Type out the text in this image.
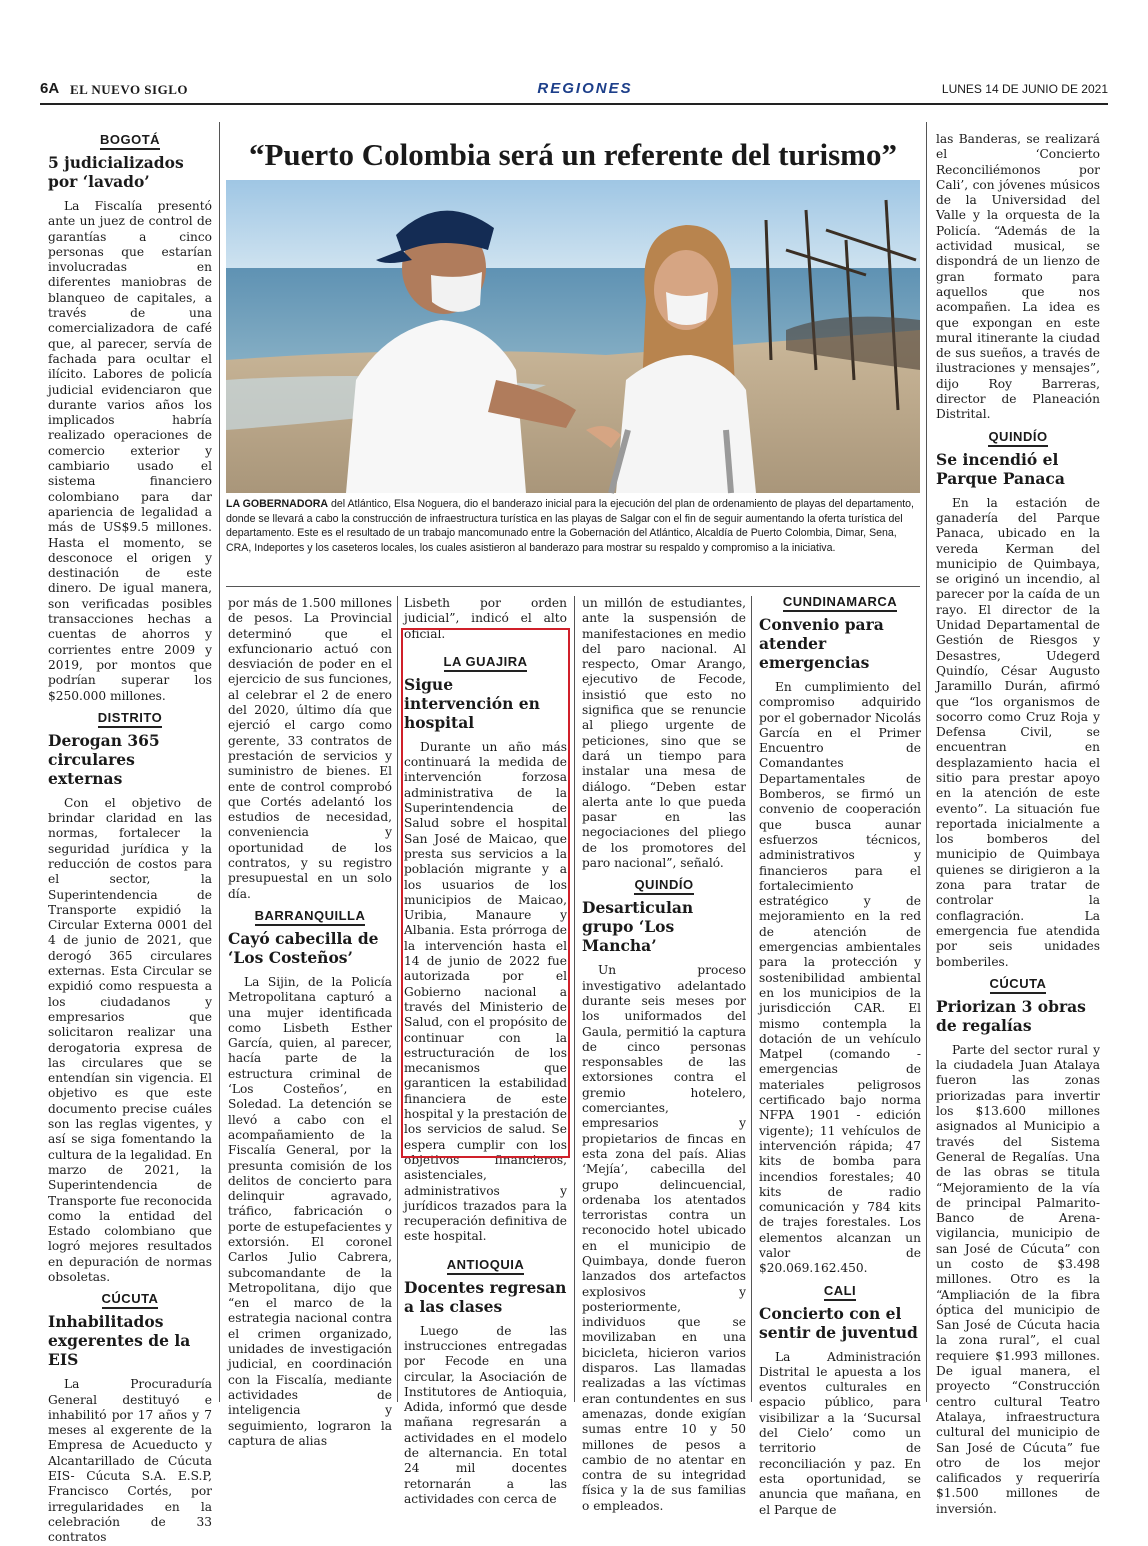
6A EL NUEVO SIGLO	REGIONES	LUNES 14 DE JUNIO DE 2021
BOGOTÁ
5 judicializados por ‘lavado’

La Fiscalía presentó ante un juez de control de garantías a cinco personas que estarían involucradas en diferentes maniobras de blanqueo de capitales, a través de una comercializadora de café que, al parecer, servía de fachada para ocultar el ilícito. Labores de policía judicial evidenciaron que durante varios años los implicados habría realizado operaciones de comercio exterior y cambiario usado el sistema financiero colombiano para dar apariencia de legalidad a más de US$9.5 millones. Hasta el momento, se desconoce el origen y destinación de este dinero. De igual manera, son verificadas posibles transacciones hechas a cuentas de ahorros y corrientes entre 2009 y 2019, por montos que podrían superar los $250.000 millones.

DISTRITO
Derogan 365 circulares externas

Con el objetivo de brindar claridad en las normas, fortalecer la seguridad jurídica y la reducción de costos para el sector, la Superintendencia de Transporte expidió la Circular Externa 0001 del 4 de junio de 2021, que derogó 365 circulares externas. Esta Circular se expidió como respuesta a los ciudadanos y empresarios que solicitaron realizar una derogatoria expresa de las circulares que se entendían sin vigencia. El objetivo es que este documento precise cuáles son las reglas vigentes, y así se siga fomentando la cultura de la legalidad. En marzo de 2021, la Superintendencia de Transporte fue reconocida como la entidad del Estado colombiano que logró mejores resultados en depuración de normas obsoletas.

CÚCUTA
Inhabilitados exgerentes de la EIS

La Procuraduría General destituyó e inhabilitó por 17 años y 7 meses al exgerente de la Empresa de Acueducto y Alcantarillado de Cúcuta EIS- Cúcuta S.A. E.S.P, Francisco Cortés, por irregularidades en la celebración de 33 contratos

“Puerto Colombia será un referente del turismo”
LA GOBERNADORA del Atlántico, Elsa Noguera, dio el banderazo inicial para la ejecución del plan de ordenamiento de playas del departamento, donde se llevará a cabo la construcción de infraestructura turística en las playas de Salgar con el fin de seguir aumentando la oferta turística del departamento. Este es el resultado de un trabajo mancomunado entre la Gobernación del Atlántico, Alcaldía de Puerto Colombia, Dimar, Sena, CRA, Indeportes y los caseteros locales, los cuales asistieron al banderazo para mostrar su respaldo y compromiso a la iniciativa.

por más de 1.500 millones de pesos. La Provincial determinó que el exfuncionario actuó con desviación de poder en el ejercicio de sus funciones, al celebrar el 2 de enero del 2020, último día que ejerció el cargo como gerente, 33 contratos de prestación de servicios y suministro de bienes. El ente de control comprobó que Cortés adelantó los estudios de necesidad, conveniencia y oportunidad de los contratos, y su registro presupuestal en un solo día.

BARRANQUILLA
Cayó cabecilla de ‘Los Costeños’

La Sijin, de la Policía Metropolitana capturó a una mujer identificada como Lisbeth Esther García, quien, al parecer, hacía parte de la estructura criminal de ‘Los Costeños’, en Soledad. La detención se llevó a cabo con el acompañamiento de la Fiscalía General, por la presunta comisión de los delitos de concierto para delinquir agravado, tráfico, fabricación o porte de estupefacientes y extorsión. El coronel Carlos Julio Cabrera, subcomandante de la Metropolitana, dijo que “en el marco de la estrategia nacional contra el crimen organizado, unidades de investigación judicial, en coordinación con la Fiscalía, mediante actividades de inteligencia y seguimiento, lograron la captura de alias

Lisbeth por orden judicial”, indicó el alto oficial.

LA GUAJIRA
Sigue intervención en hospital

Durante un año más continuará la medida de intervención forzosa administrativa de la Superintendencia de Salud sobre el hospital San José de Maicao, que presta sus servicios a la población migrante y a los usuarios de los municipios de Maicao, Uribia, Manaure y Albania. Esta prórroga de la intervención hasta el 14 de junio de 2022 fue autorizada por el Gobierno nacional a través del Ministerio de Salud, con el propósito de continuar con la estructuración de los mecanismos que garanticen la estabilidad financiera de este hospital y la prestación de los servicios de salud. Se espera cumplir con los objetivos financieros, asistenciales, administrativos y jurídicos trazados para la recuperación definitiva de este hospital.

ANTIOQUIA
Docentes regresan a las clases

Luego de las instrucciones entregadas por Fecode en una circular, la Asociación de Institutores de Antioquia, Adida, informó que desde mañana regresarán a actividades en el modelo de alternancia. En total 24 mil docentes retornarán a las actividades con cerca de

un millón de estudiantes, ante la suspensión de manifestaciones en medio del paro nacional. Al respecto, Omar Arango, ejecutivo de Fecode, insistió que esto no significa que se renuncie al pliego urgente de peticiones, sino que se dará un tiempo para instalar una mesa de diálogo. “Deben estar alerta ante lo que pueda pasar en las negociaciones del pliego de los promotores del paro nacional”, señaló.

QUINDÍO
Desarticulan grupo ‘Los Mancha’

Un proceso investigativo adelantado durante seis meses por los uniformados del Gaula, permitió la captura de cinco personas responsables de las extorsiones contra el gremio hotelero, comerciantes, empresarios y propietarios de fincas en esta zona del país. Alias ‘Mejía’, cabecilla del grupo delincuencial, ordenaba los atentados terroristas contra un reconocido hotel ubicado en el municipio de Quimbaya, donde fueron lanzados dos artefactos explosivos y posteriormente, individuos que se movilizaban en una bicicleta, hicieron varios disparos. Las llamadas realizadas a las víctimas eran contundentes en sus amenazas, donde exigían sumas entre 10 y 50 millones de pesos a cambio de no atentar en contra de su integridad física y la de sus familias o empleados.

CUNDINAMARCA
Convenio para atender emergencias

En cumplimiento del compromiso adquirido por el gobernador Nicolás García en el Primer Encuentro de Comandantes Departamentales de Bomberos, se firmó un convenio de cooperación que busca aunar esfuerzos técnicos, administrativos y financieros para el fortalecimiento estratégico y de mejoramiento en la red de atención de emergencias ambientales para la protección y sostenibilidad ambiental en los municipios de la jurisdicción CAR. El mismo contempla la dotación de un vehículo Matpel (comando - emergencias de materiales peligrosos certificado bajo norma NFPA 1901 - edición vigente); 11 vehículos de intervención rápida; 47 kits de bomba para incendios forestales; 40 kits de radio comunicación y 784 kits de trajes forestales. Los elementos alcanzan un valor de $20.069.162.450.

CALI
Concierto con el sentir de juventud

La Administración Distrital le apuesta a los eventos culturales en espacio público, para visibilizar a la ‘Sucursal del Cielo’ como un territorio de reconciliación y paz. En esta oportunidad, se anuncia que mañana, en el Parque de

las Banderas, se realizará el ‘Concierto Reconciliémonos por Cali’, con jóvenes músicos de la Universidad del Valle y la orquesta de la Policía. “Además de la actividad musical, se dispondrá de un lienzo de gran formato para aquellos que nos acompañen. La idea es que expongan en este mural itinerante la ciudad de sus sueños, a través de ilustraciones y mensajes”, dijo Roy Barreras, director de Planeación Distrital.

QUINDÍO
Se incendió el Parque Panaca

En la estación de ganadería del Parque Panaca, ubicado en la vereda Kerman del municipio de Quimbaya, se originó un incendio, al parecer por la caída de un rayo. El director de la Unidad Departamental de Gestión de Riesgos y Desastres, Udegerd Quindío, César Augusto Jaramillo Durán, afirmó que “los organismos de socorro como Cruz Roja y Defensa Civil, se encuentran en desplazamiento hacia el sitio para prestar apoyo en la atención de este evento”. La situación fue reportada inicialmente a los bomberos del municipio de Quimbaya quienes se dirigieron a la zona para tratar de controlar la conflagración. La emergencia fue atendida por seis unidades bomberiles.

CÚCUTA
Priorizan 3 obras de regalías

Parte del sector rural y la ciudadela Juan Atalaya fueron las zonas priorizadas para invertir los $13.600 millones asignados al Municipio a través del Sistema General de Regalías. Una de las obras se titula “Mejoramiento de la vía de principal Palmarito-Banco de Arena- vigilancia, municipio de san José de Cúcuta” con un costo de $3.498 millones. Otro es la “Ampliación de la fibra óptica del municipio de San José de Cúcuta hacia la zona rural”, el cual requiere $1.993 millones. De igual manera, el proyecto “Construcción centro cultural Teatro Atalaya, infraestructura cultural del municipio de San José de Cúcuta” fue otro de los mejor calificados y requeriría $1.500 millones de inversión.
